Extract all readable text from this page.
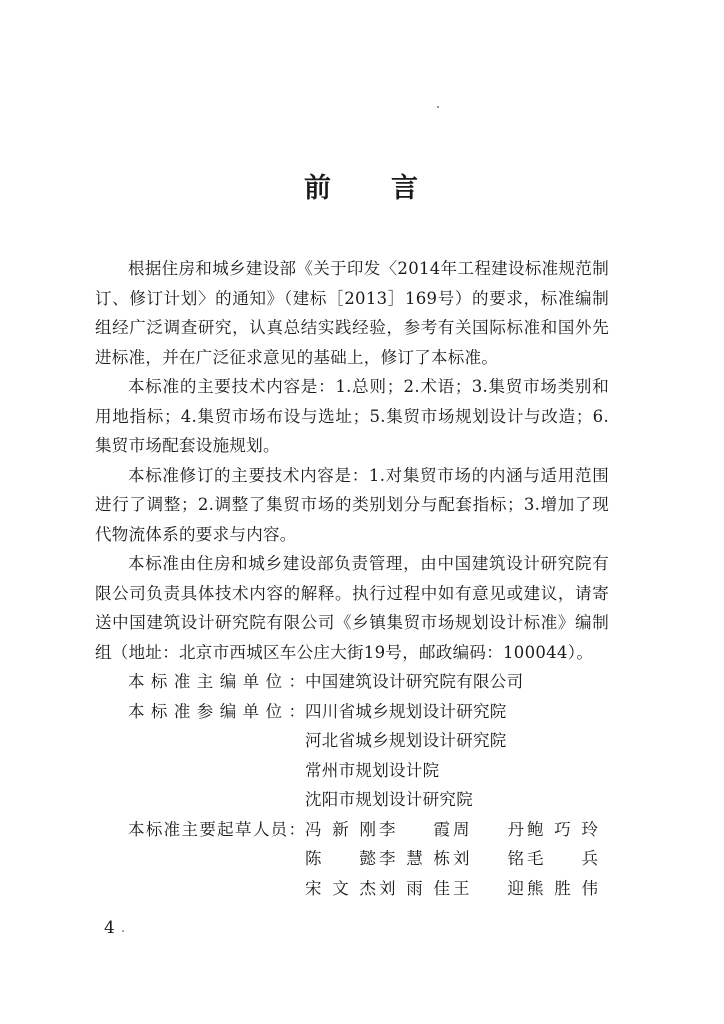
前 言

根据住房和城乡建设部《关于印发〈2014年工程建设标准规范制订、修订计划〉的通知》（建标［2013］169号）的要求，标准编制组经广泛调查研究，认真总结实践经验，参考有关国际标准和国外先进标准，并在广泛征求意见的基础上，修订了本标准。

本标准的主要技术内容是：1.总则；2.术语；3.集贸市场类别和用地指标；4.集贸市场布设与选址；5.集贸市场规划设计与改造；6.集贸市场配套设施规划。

本标准修订的主要技术内容是：1.对集贸市场的内涵与适用范围进行了调整；2.调整了集贸市场的类别划分与配套指标；3.增加了现代物流体系的要求与内容。

本标准由住房和城乡建设部负责管理，由中国建筑设计研究院有限公司负责具体技术内容的解释。执行过程中如有意见或建议，请寄送中国建筑设计研究院有限公司《乡镇集贸市场规划设计标准》编制组（地址：北京市西城区车公庄大街19号，邮政编码：100044）。

本标准主编单位： 中国建筑设计研究院有限公司
本标准参编单位： 四川省城乡规划设计研究院
河北省城乡规划设计研究院
常州市规划设计院
沈阳市规划设计研究院
本标准主要起草人员： 冯新刚 李霞 周丹 鲍巧玲
陈懿 李慧栋 刘铭 毛兵
宋文杰 刘雨佳 王迎 熊胜伟
4
